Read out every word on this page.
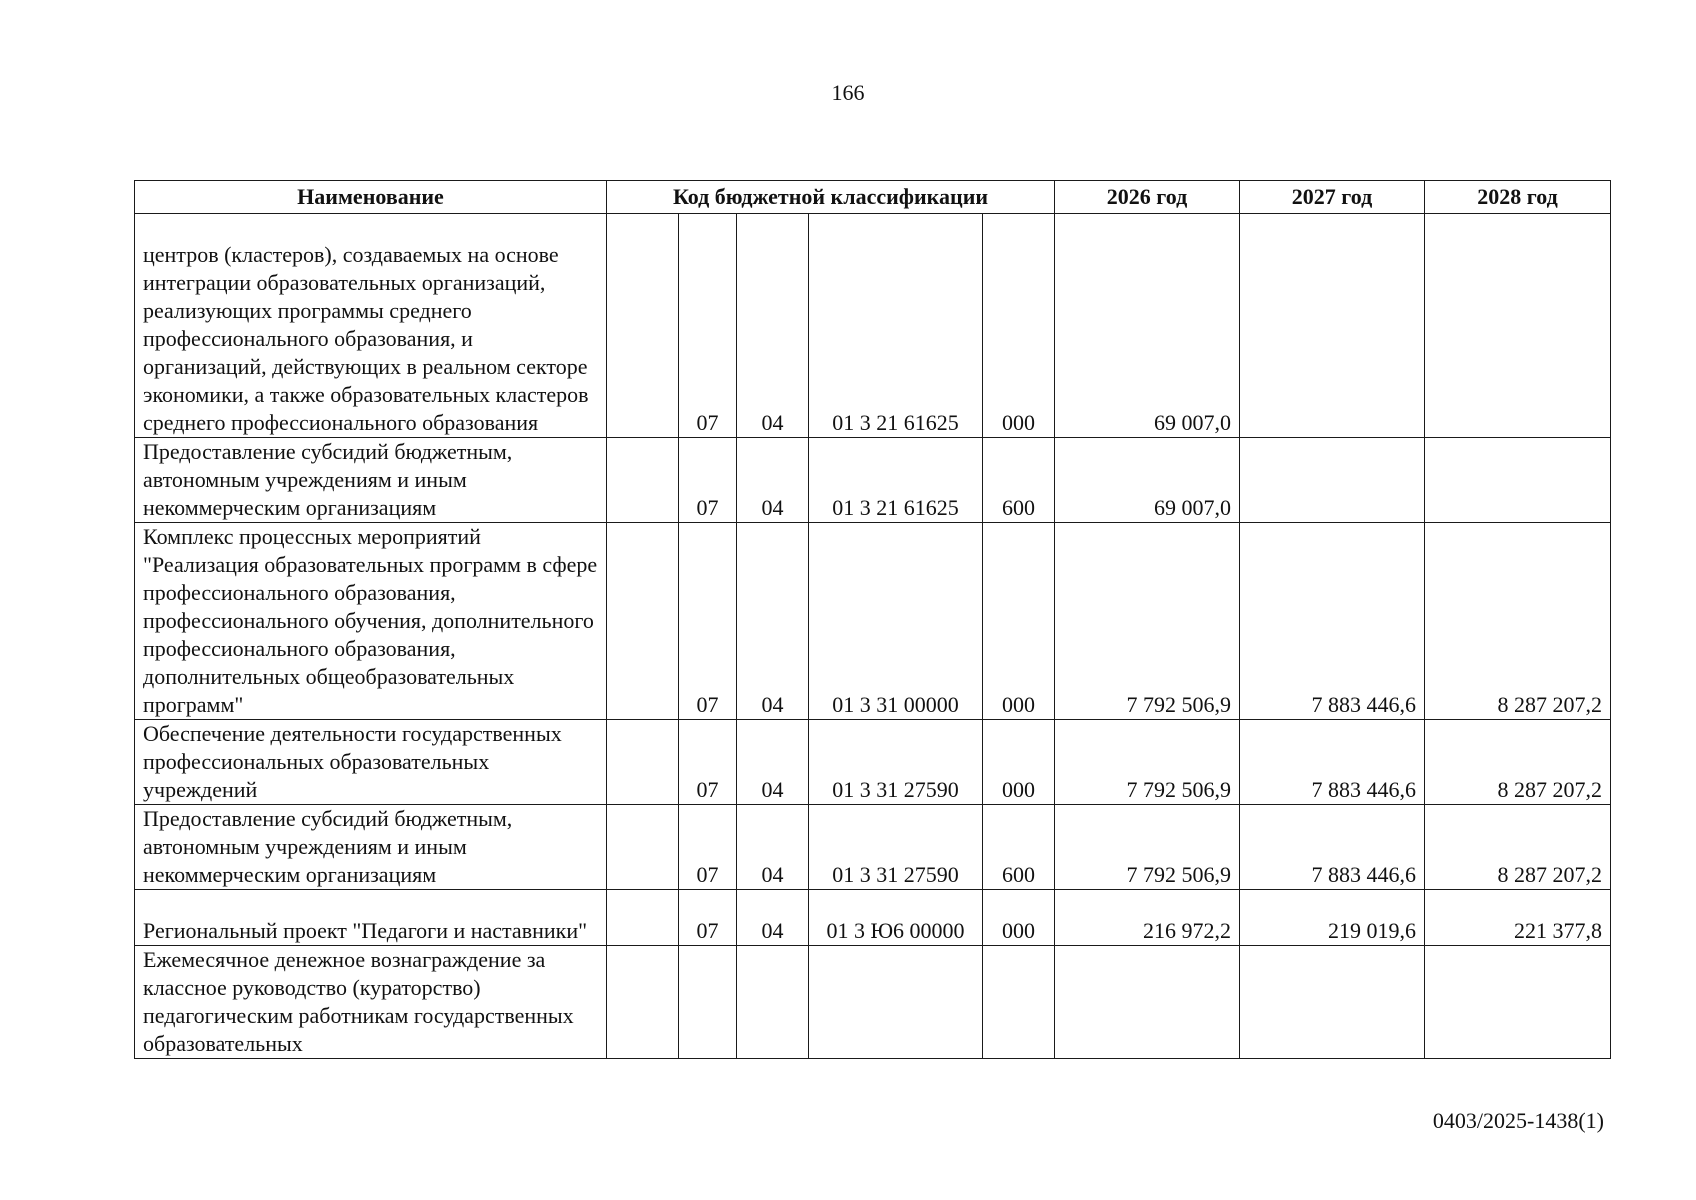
166
Наименование	Код бюджетной классификации					2026 год	2027 год	2028 год
центров (кластеров), создаваемых на основе интеграции образовательных организаций, реализующих программы среднего профессионального образования, и организаций, действующих в реальном секторе экономики, а также образовательных кластеров среднего профессионального образования		07	04	01 3 21 61625	000	69 007,0		
Предоставление субсидий бюджетным, автономным учреждениям и иным некоммерческим организациям		07	04	01 3 21 61625	600	69 007,0		
Комплекс процессных мероприятий "Реализация образовательных программ в сфере профессионального образования, профессионального обучения, дополнительного профессионального образования, дополнительных общеобразовательных программ"		07	04	01 3 31 00000	000	7 792 506,9	7 883 446,6	8 287 207,2
Обеспечение деятельности государственных профессиональных образовательных учреждений		07	04	01 3 31 27590	000	7 792 506,9	7 883 446,6	8 287 207,2
Предоставление субсидий бюджетным, автономным учреждениям и иным некоммерческим организациям		07	04	01 3 31 27590	600	7 792 506,9	7 883 446,6	8 287 207,2
Региональный проект "Педагоги и наставники"		07	04	01 3 Ю6 00000	000	216 972,2	219 019,6	221 377,8
Ежемесячное денежное вознаграждение за классное руководство (кураторство) педагогическим работникам государственных образовательных								
0403/2025-1438(1)
